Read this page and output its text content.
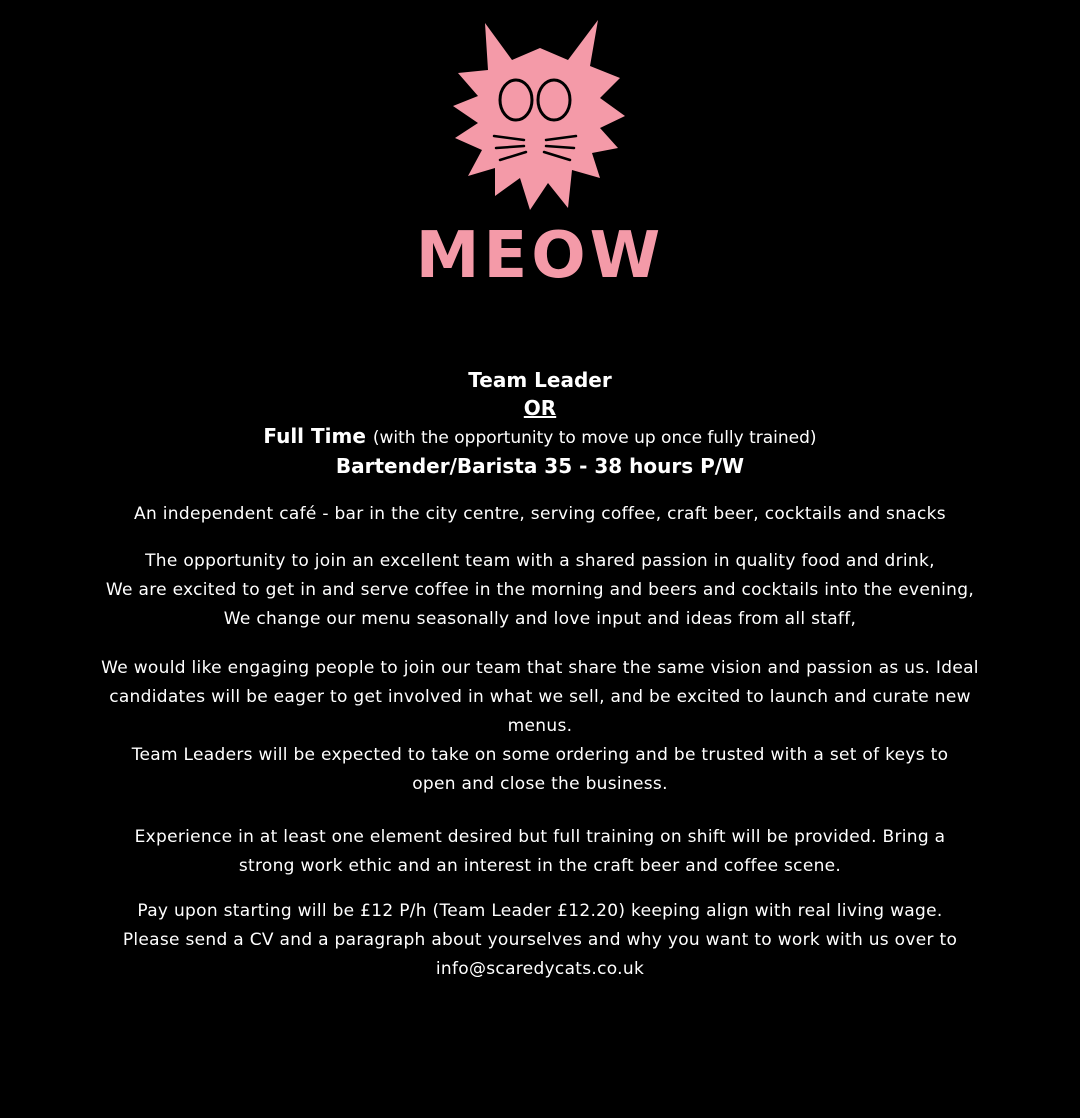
MEOW
Team Leader
OR
Full Time (with the opportunity to move up once fully trained)
Bartender/Barista 35 - 38 hours P/W

An independent café - bar in the city centre, serving coffee, craft beer, cocktails and snacks

The opportunity to join an excellent team with a shared passion in quality food and drink,

We are excited to get in and serve coffee in the morning and beers and cocktails into the evening,

We change our menu seasonally and love input and ideas from all staff,

We would like engaging people to join our team that share the same vision and passion as us. Ideal

candidates will be eager to get involved in what we sell, and be excited to launch and curate new

menus.

Team Leaders will be expected to take on some ordering and be trusted with a set of keys to

open and close the business.

Experience in at least one element desired but full training on shift will be provided. Bring a

strong work ethic and an interest in the craft beer and coffee scene.

Pay upon starting will be £12 P/h (Team Leader £12.20) keeping align with real living wage.

Please send a CV and a paragraph about yourselves and why you want to work with us over to

info@scaredycats.co.uk
